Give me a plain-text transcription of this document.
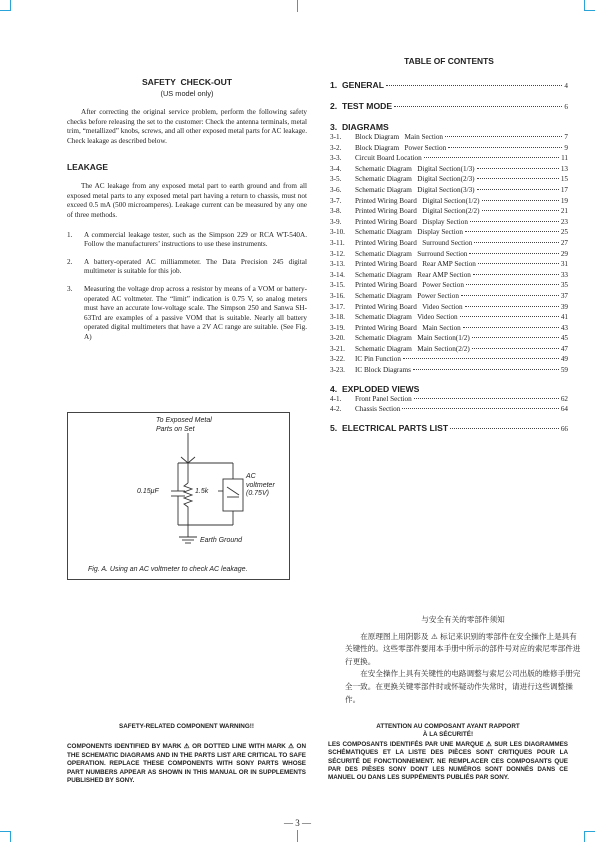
SAFETY  CHECK-OUT
(US model only)
After correcting the original service problem, perform the following safety checks before releasing the set to the customer: Check the antenna terminals, metal trim, “metallized” knobs, screws, and all other exposed metal parts for AC leakage. Check leakage as described below.
LEAKAGE
The AC leakage from any exposed metal part to earth ground and from all exposed metal parts to any exposed metal part having a return to chassis, must not exceed 0.5 mA (500 microamperes). Leakage current can be measured by any one of three methods.
1.	A commercial leakage tester, such as the Simpson 229 or RCA WT-540A. Follow the manufacturers’ instructions to use these instruments.
2.	A battery-operated AC milliammeter. The Data Precision 245 digital multimeter is suitable for this job.
3.	Measuring the voltage drop across a resistor by means of a VOM or battery-operated AC voltmeter. The “limit” indication is 0.75 V, so analog meters must have an accurate low-voltage scale. The Simpson 250 and Sanwa SH-63Trd are examples of a passive VOM that is suitable. Nearly all battery operated digital multimeters that have a 2V AC range are suitable. (See Fig. A)
To Exposed Metal
Parts on Set
0.15μF	1.5k
AC
voltmeter
(0.75V)
Earth Ground
Fig. A. Using an AC voltmeter to check AC leakage.
TABLE OF CONTENTS
1.  GENERAL	4
2.  TEST MODE	6
3.  DIAGRAMS
3-1.	Block Diagram   Main Section	7
3-2.	Block Diagram   Power Section	9
3-3.	Circuit Board Location	11
3-4.	Schematic Diagram   Digital Section(1/3)	13
3-5.	Schematic Diagram   Digital Section(2/3)	15
3-6.	Schematic Diagram   Digital Section(3/3)	17
3-7.	Printed Wiring Board   Digital Section(1/2)	19
3-8.	Printed Wiring Board   Digital Section(2/2)	21
3-9.	Printed Wiring Board   Display Section	23
3-10.	Schematic Diagram   Display Section	25
3-11.	Printed Wiring Board   Surround Section	27
3-12.	Schematic Diagram   Surround Section	29
3-13.	Printed Wiring Board   Rear AMP Section	31
3-14.	Schematic Diagram   Rear AMP Section	33
3-15.	Printed Wiring Board   Power Section	35
3-16.	Schematic Diagram   Power Section	37
3-17.	Printed Wiring Board   Video Section	39
3-18.	Schematic Diagram   Video Section	41
3-19.	Printed Wiring Board   Main Section	43
3-20.	Schematic Diagram   Main Section(1/2)	45
3-21.	Schematic Diagram   Main Section(2/2)	47
3-22.	IC Pin Function	49
3-23.	IC Block Diagrams	59
4.  EXPLODED VIEWS
4-1.	Front Panel Section	62
4-2.	Chassis Section	64
5.  ELECTRICAL PARTS LIST	66
与安全有关的零部件须知
在原理图上用阴影及 ⚠ 标记来识别的零部件在安全操作上是具有关键性的。这些零部件要用本手册中所示的部件号对应的索尼零部件进行更换。
在安全操作上具有关键性的电路调整与索尼公司出版的维修手册完全一致。在更换关键零部件时或怀疑动作失常时，请进行这些调整操作。
SAFETY-RELATED COMPONENT WARNING!!
COMPONENTS IDENTIFIED BY MARK ⚠ OR DOTTED LINE WITH MARK ⚠ ON THE SCHEMATIC DIAGRAMS AND IN THE PARTS LIST ARE CRITICAL TO SAFE OPERATION. REPLACE THESE COMPONENTS WITH SONY PARTS WHOSE PART NUMBERS APPEAR AS SHOWN IN THIS MANUAL OR IN SUPPLEMENTS PUBLISHED BY SONY.
ATTENTION AU COMPOSANT AYANT RAPPORT
À LA SÉCURITÉ!
LES COMPOSANTS IDENTIFÉS PAR UNE MARQUE ⚠ SUR LES DIAGRAMMES SCHÉMATIQUES ET LA LISTE DES PIÈCES SONT CRITIQUES POUR LA SÉCURITÉ DE FONCTIONNEMENT. NE REMPLACER CES COMPOSANTS QUE PAR DES PIÈSES SONY DONT LES NUMÉROS SONT DONNÉS DANS CE MANUEL OU DANS LES SUPPÉMENTS PUBLIÉS PAR SONY.
— 3 —
